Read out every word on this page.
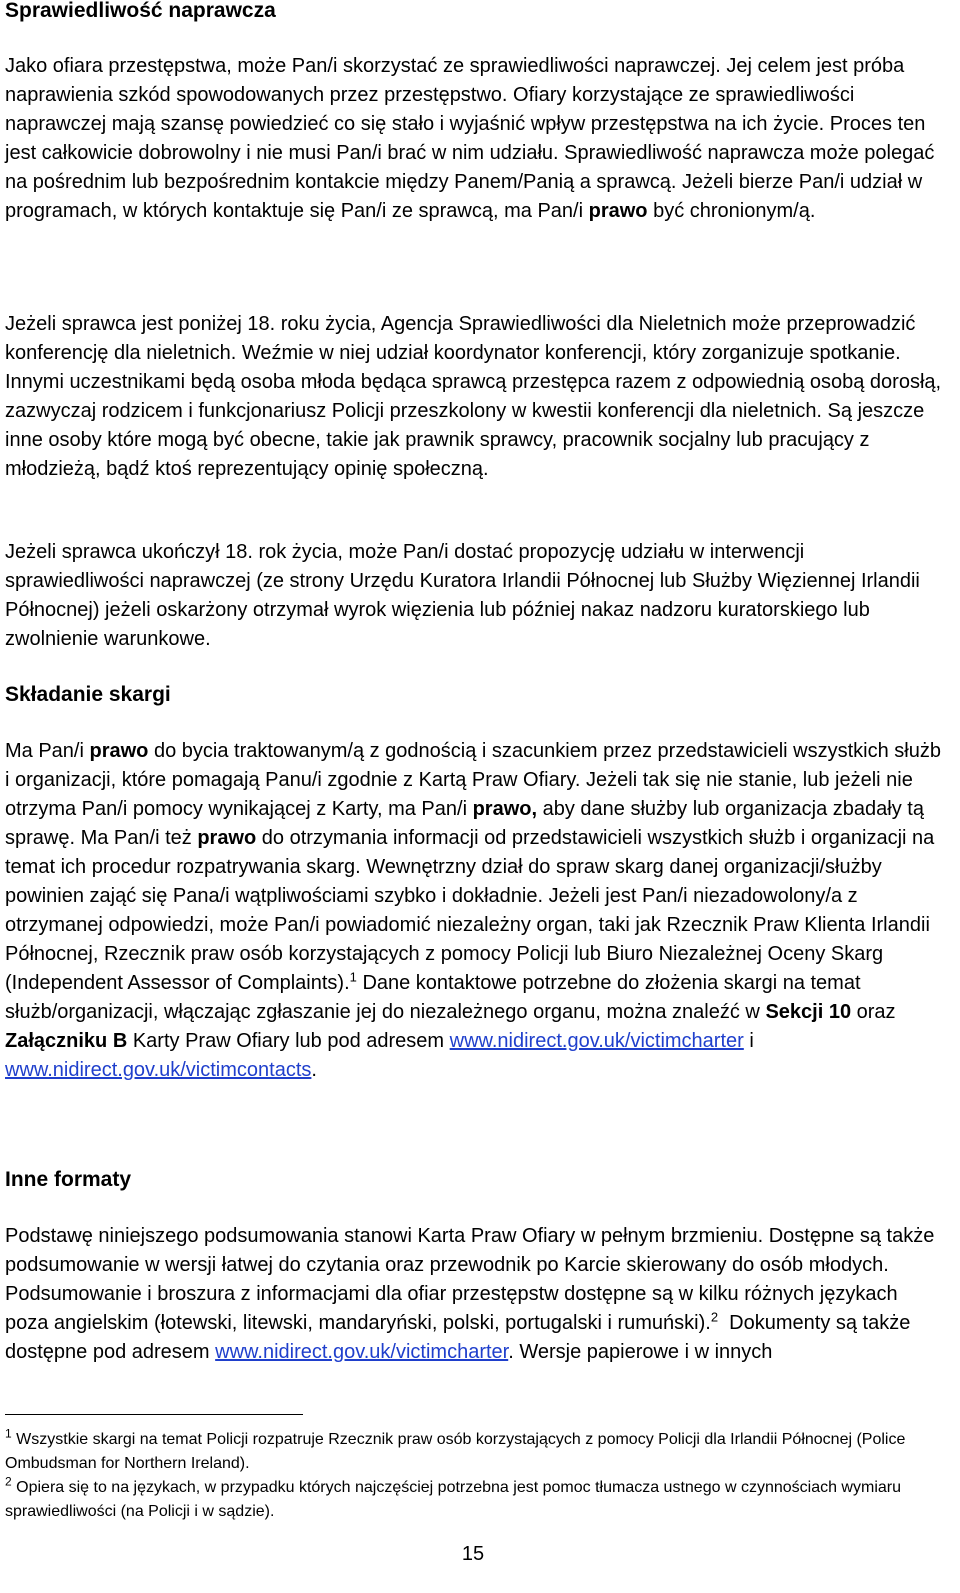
Sprawiedliwość naprawcza

Jako ofiara przestępstwa, może Pan/i skorzystać ze sprawiedliwości naprawczej. Jej celem jest próba naprawienia szkód spowodowanych przez przestępstwo. Ofiary korzystające ze sprawiedliwości naprawczej mają szansę powiedzieć co się stało i wyjaśnić wpływ przestępstwa na ich życie. Proces ten jest całkowicie dobrowolny i nie musi Pan/i brać w nim udziału. Sprawiedliwość naprawcza może polegać na pośrednim lub bezpośrednim kontakcie między Panem/Panią a sprawcą. Jeżeli bierze Pan/i udział w programach, w których kontaktuje się Pan/i ze sprawcą, ma Pan/i prawo być chronionym/ą.

Jeżeli sprawca jest poniżej 18. roku życia, Agencja Sprawiedliwości dla Nieletnich może przeprowadzić konferencję dla nieletnich. Weźmie w niej udział koordynator konferencji, który zorganizuje spotkanie. Innymi uczestnikami będą osoba młoda będąca sprawcą przestępca razem z odpowiednią osobą dorosłą, zazwyczaj rodzicem i funkcjonariusz Policji przeszkolony w kwestii konferencji dla nieletnich. Są jeszcze inne osoby które mogą być obecne, takie jak prawnik sprawcy, pracownik socjalny lub pracujący z młodzieżą, bądź ktoś reprezentujący opinię społeczną.

Jeżeli sprawca ukończył 18. rok życia, może Pan/i dostać propozycję udziału w interwencji sprawiedliwości naprawczej (ze strony Urzędu Kuratora Irlandii Północnej lub Służby Więziennej Irlandii Północnej) jeżeli oskarżony otrzymał wyrok więzienia lub później nakaz nadzoru kuratorskiego lub zwolnienie warunkowe.

Składanie skargi

Ma Pan/i prawo do bycia traktowanym/ą z godnością i szacunkiem przez przedstawicieli wszystkich służb i organizacji, które pomagają Panu/i zgodnie z Kartą Praw Ofiary. Jeżeli tak się nie stanie, lub jeżeli nie otrzyma Pan/i pomocy wynikającej z Karty, ma Pan/i prawo, aby dane służby lub organizacja zbadały tą sprawę. Ma Pan/i też prawo do otrzymania informacji od przedstawicieli wszystkich służb i organizacji na temat ich procedur rozpatrywania skarg. Wewnętrzny dział do spraw skarg danej organizacji/służby powinien zająć się Pana/i wątpliwościami szybko i dokładnie. Jeżeli jest Pan/i niezadowolony/a z otrzymanej odpowiedzi, może Pan/i powiadomić niezależny organ, taki jak Rzecznik Praw Klienta Irlandii Północnej, Rzecznik praw osób korzystających z pomocy Policji lub Biuro Niezależnej Oceny Skarg (Independent Assessor of Complaints).$^1$ Dane kontaktowe potrzebne do złożenia skargi na temat służb/organizacji, włączając zgłaszanie jej do niezależnego organu, można znaleźć w Sekcji 10 oraz Załączniku B Karty Praw Ofiary lub pod adresem www.nidirect.gov.uk/victimcharter i www.nidirect.gov.uk/victimcontacts.

Inne formaty

Podstawę niniejszego podsumowania stanowi Karta Praw Ofiary w pełnym brzmieniu. Dostępne są także podsumowanie w wersji łatwej do czytania oraz przewodnik po Karcie skierowany do osób młodych. Podsumowanie i broszura z informacjami dla ofiar przestępstw dostępne są w kilku różnych językach poza angielskim (łotewski, litewski, mandaryński, polski, portugalski i rumuński).$^2$ Dokumenty są także dostępne pod adresem www.nidirect.gov.uk/victimcharter. Wersje papierowe i w innych

$^1$ Wszystkie skargi na temat Policji rozpatruje Rzecznik praw osób korzystających z pomocy Policji dla Irlandii Północnej (Police Ombudsman for Northern Ireland).

$^2$ Opiera się to na językach, w przypadku których najczęściej potrzebna jest pomoc tłumacza ustnego w czynnościach wymiaru sprawiedliwości (na Policji i w sądzie).

15
